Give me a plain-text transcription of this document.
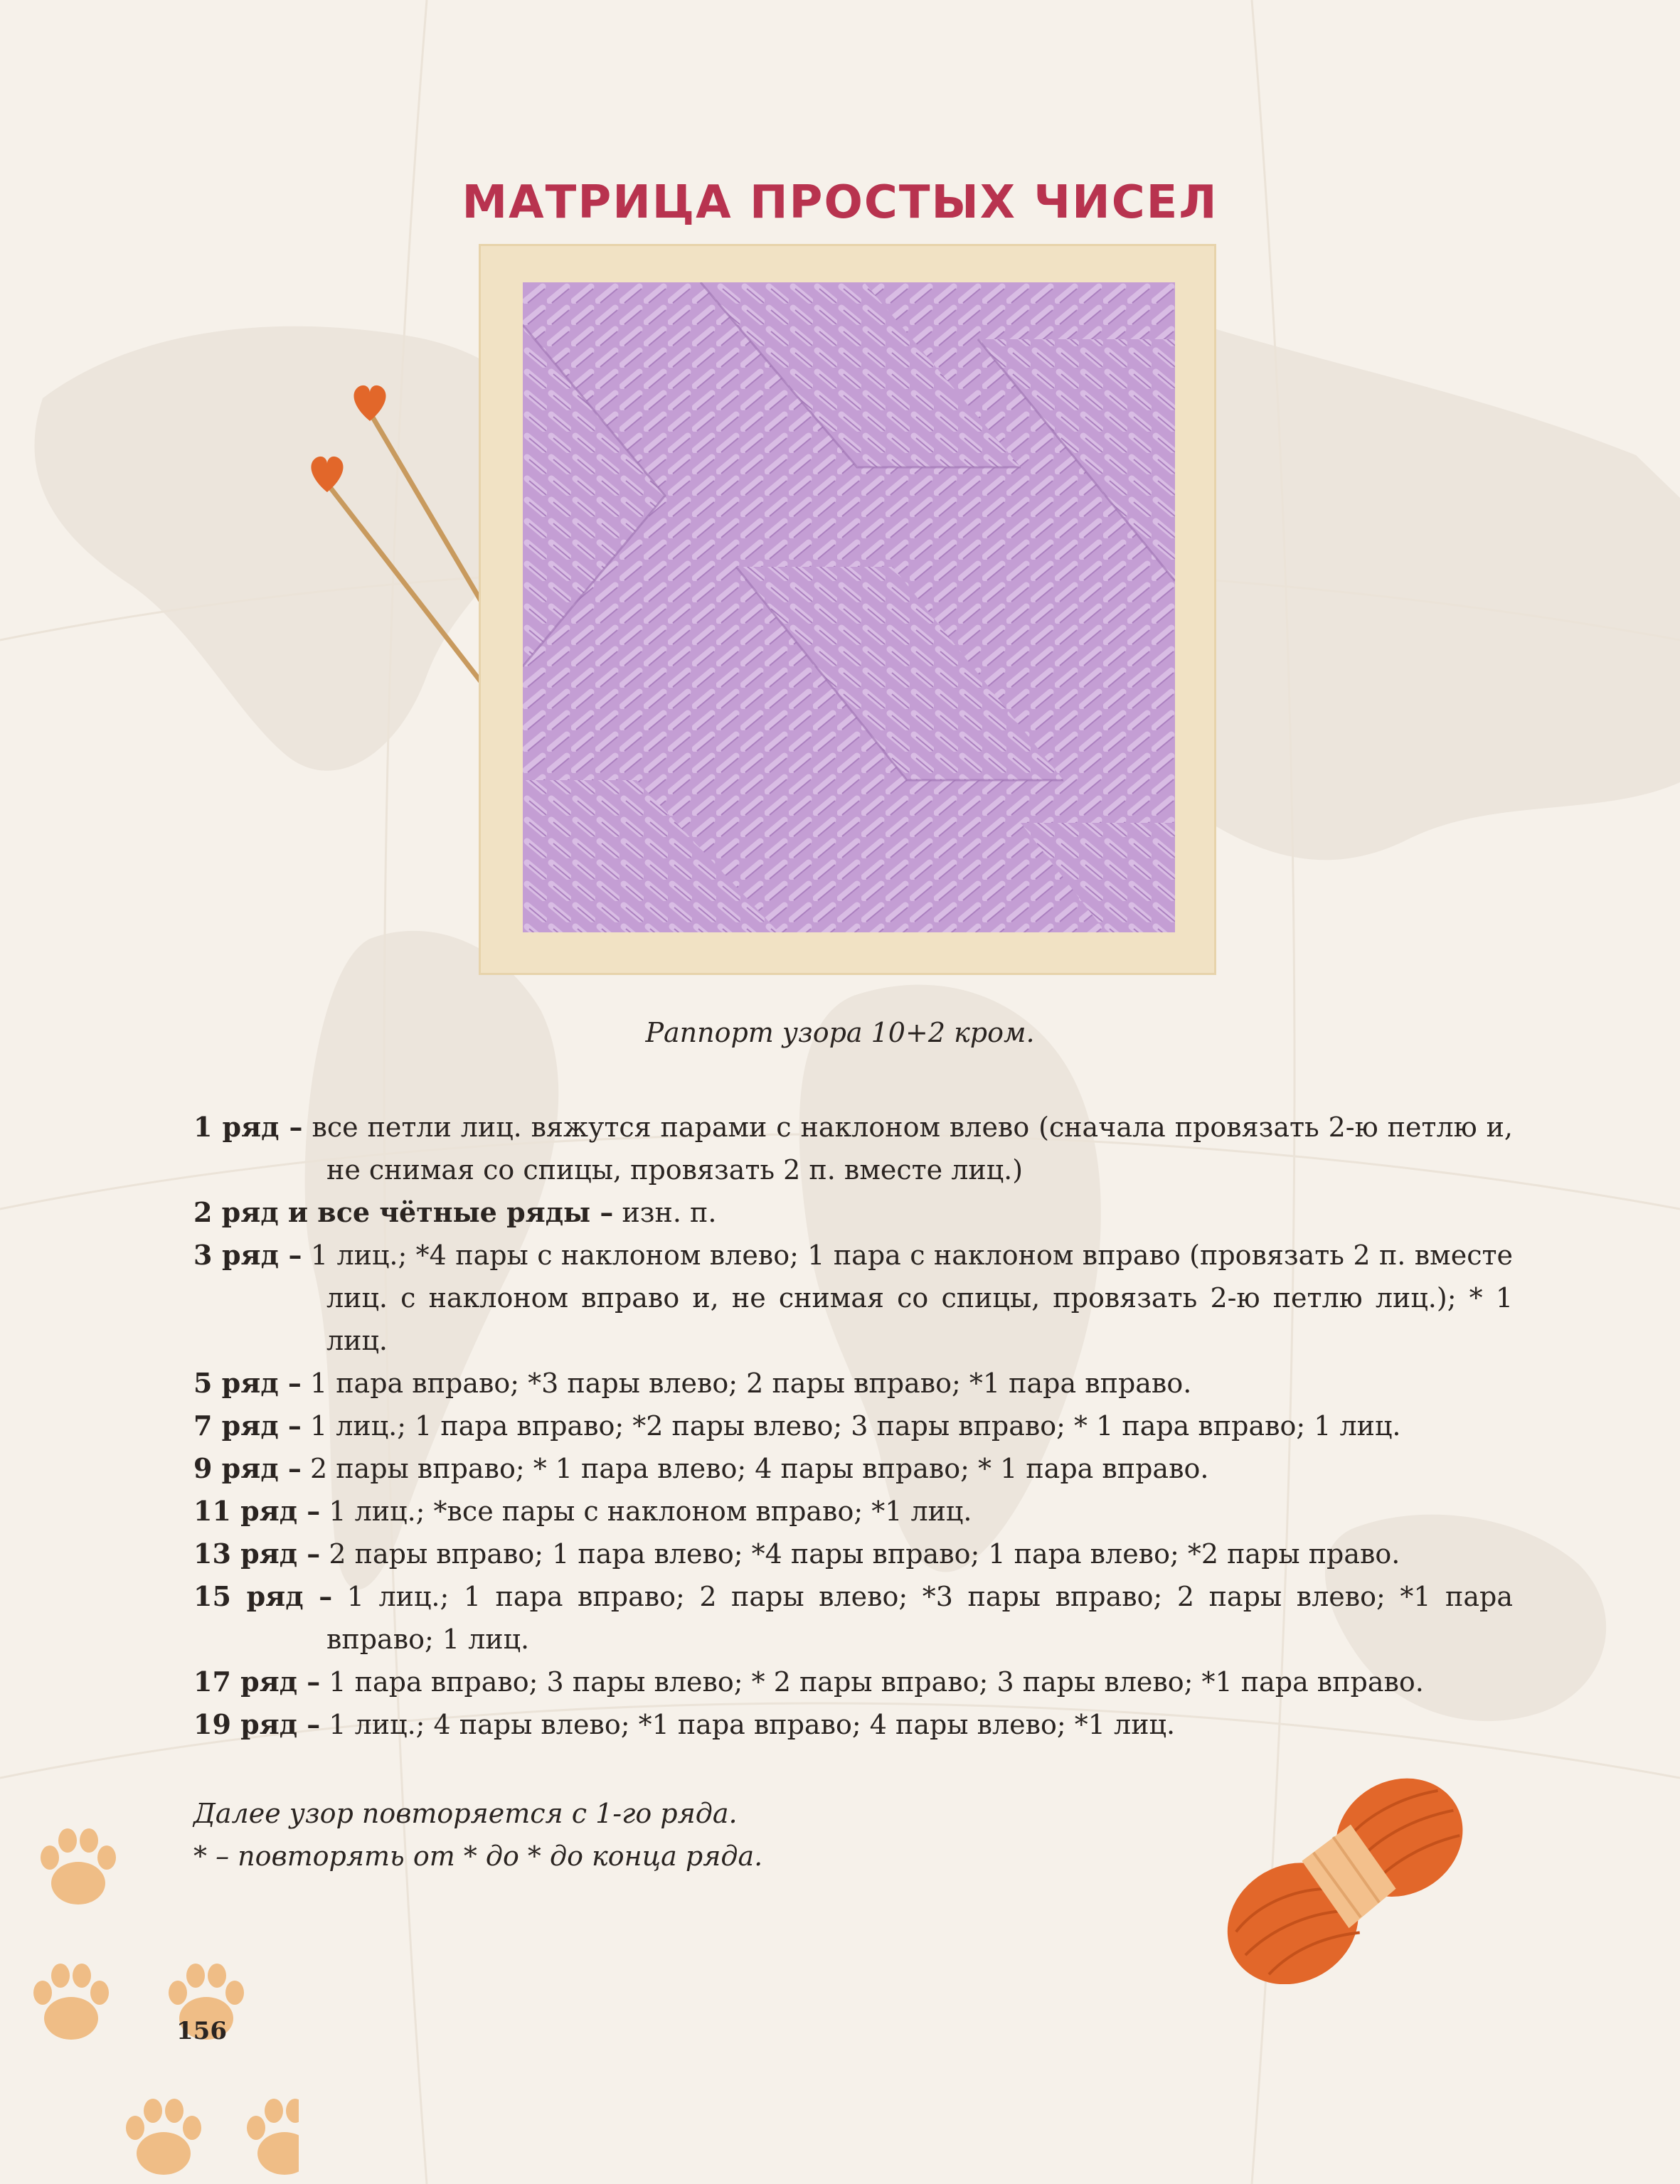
МАТРИЦА ПРОСТЫХ ЧИСЕЛ
Раппорт узора 10+2 кром.
1 ряд – все петли лиц. вяжутся парами с наклоном влево (сначала провязать 2-ю петлю и, не снимая со спицы, провязать 2 п. вместе лиц.)
2 ряд и все чётные ряды – изн. п.
3 ряд – 1 лиц.; *4 пары с наклоном влево; 1 пара с наклоном вправо (провязать 2 п. вместе лиц. с наклоном вправо и, не снимая со спицы, провязать 2-ю петлю лиц.); * 1 лиц.
5 ряд – 1 пара вправо; *3 пары влево; 2 пары вправо; *1 пара вправо.
7 ряд – 1 лиц.; 1 пара вправо; *2 пары влево; 3 пары вправо; * 1 пара вправо; 1 лиц.
9 ряд – 2 пары вправо; * 1 пара влево; 4 пары вправо; * 1 пара вправо.
11 ряд – 1 лиц.; *все пары с наклоном вправо; *1 лиц.
13 ряд – 2 пары вправо; 1 пара влево; *4 пары вправо; 1 пара влево; *2 пары право.
15 ряд – 1 лиц.; 1 пара вправо; 2 пары влево; *3 пары вправо; 2 пары влево; *1 пара вправо; 1 лиц.
17 ряд – 1 пара вправо; 3 пары влево; * 2 пары вправо; 3 пары влево; *1 пара вправо.
19 ряд – 1 лиц.; 4 пары влево; *1 пара вправо; 4 пары влево; *1 лиц.
Далее узор повторяется с 1-го ряда.
* – повторять от * до * до конца ряда.
156
